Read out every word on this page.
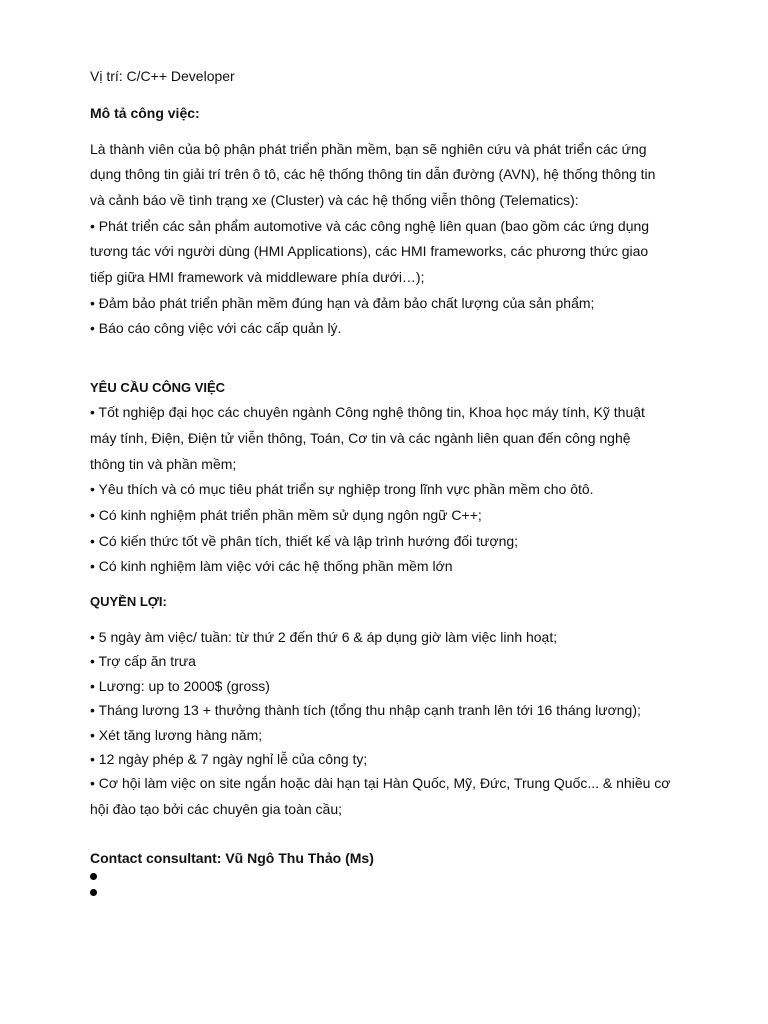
Vị trí: C/C++ Developer
Mô tả công việc:
Là thành viên của bộ phận phát triển phần mềm, bạn sẽ nghiên cứu và phát triển các ứng
dụng thông tin giải trí trên ô tô, các hệ thống thông tin dẫn đường (AVN), hệ thống thông tin
và cảnh báo về tình trạng xe (Cluster) và các hệ thống viễn thông (Telematics):
• Phát triển các sản phẩm automotive và các công nghệ liên quan (bao gồm các ứng dụng
tương tác với người dùng (HMI Applications), các HMI frameworks, các phương thức giao
tiếp giữa HMI framework và middleware phía dưới…);
• Đảm bảo phát triển phần mềm đúng hạn và đảm bảo chất lượng của sản phẩm;
• Báo cáo công việc với các cấp quản lý.
YÊU CẦU CÔNG VIỆC
• Tốt nghiệp đại học các chuyên ngành Công nghệ thông tin, Khoa học máy tính, Kỹ thuật
máy tính, Điện, Điện tử viễn thông, Toán, Cơ tin và các ngành liên quan đến công nghệ
thông tin và phần mềm;
• Yêu thích và có mục tiêu phát triển sự nghiệp trong lĩnh vực phần mềm cho ôtô.
• Có kinh nghiệm phát triển phần mềm sử dụng ngôn ngữ C++;
• Có kiến thức tốt về phân tích, thiết kế và lập trình hướng đối tượng;
• Có kinh nghiệm làm việc với các hệ thống phần mềm lớn
QUYỀN LỢI:
• 5 ngày àm việc/ tuần: từ thứ 2 đến thứ 6 & áp dụng giờ làm việc linh hoạt;
• Trợ cấp ăn trưa
• Lương: up to 2000$ (gross)
• Tháng lương 13 + thưởng thành tích (tổng thu nhập cạnh tranh lên tới 16 tháng lương);
• Xét tăng lương hàng năm;
• 12 ngày phép & 7 ngày nghỉ lễ của công ty;
• Cơ hội làm việc on site ngắn hoặc dài hạn tại Hàn Quốc, Mỹ, Đức, Trung Quốc... & nhiều cơ
hội đào tạo bởi các chuyên gia toàn cầu;
Contact consultant: Vũ Ngô Thu Thảo (Ms)
